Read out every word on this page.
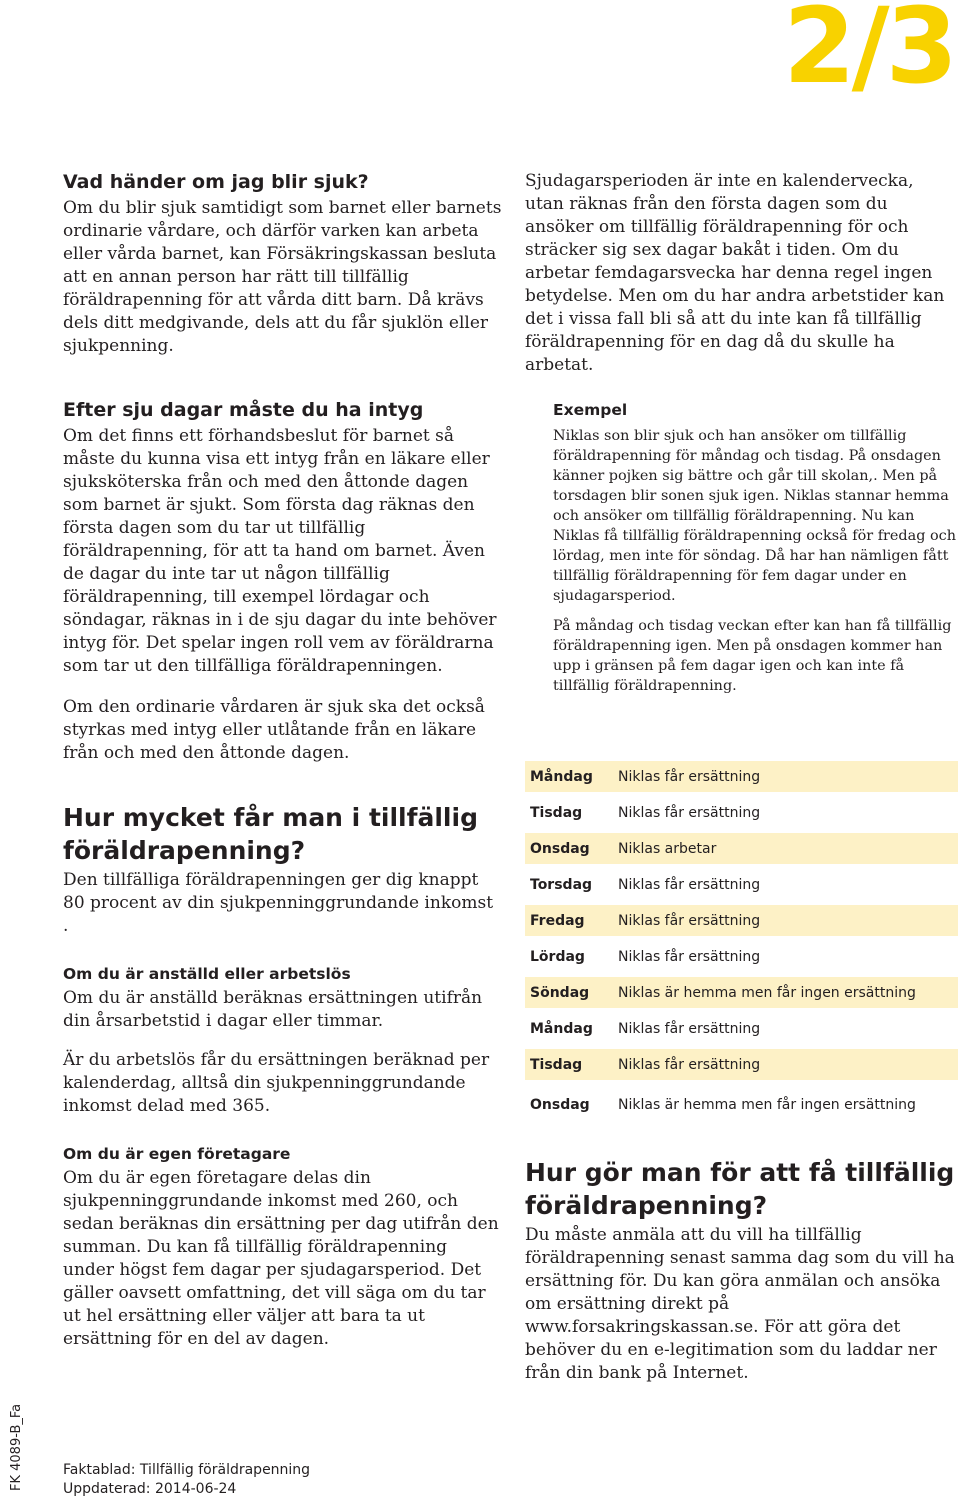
2/3
Vad händer om jag blir sjuk?

Om du blir sjuk samtidigt som barnet eller barnets ordinarie vårdare, och därför varken kan arbeta eller vårda barnet, kan Försäkringskassan besluta att en annan person har rätt till tillfällig föräldrapenning för att vårda ditt barn. Då krävs dels ditt medgivande, dels att du får sjuklön eller sjukpenning.

Efter sju dagar måste du ha intyg

Om det finns ett förhandsbeslut för barnet så måste du kunna visa ett intyg från en läkare eller sjuksköterska från och med den åttonde dagen som barnet är sjukt. Som första dag räknas den första dagen som du tar ut tillfällig föräldrapenning, för att ta hand om barnet. Även de dagar du inte tar ut någon tillfällig föräldrapenning, till exempel lördagar och söndagar, räknas in i de sju dagar du inte behöver intyg för. Det spelar ingen roll vem av föräldrarna som tar ut den tillfälliga föräldrapenningen.

Om den ordinarie vårdaren är sjuk ska det också styrkas med intyg eller utlåtande från en läkare från och med den åttonde dagen.

Hur mycket får man i tillfällig föräldrapenning?

Den tillfälliga föräldrapenningen ger dig knappt 80 procent av din sjukpenninggrundande inkomst .

Om du är anställd eller arbetslös

Om du är anställd beräknas ersättningen utifrån din årsarbetstid i dagar eller timmar.

Är du arbetslös får du ersättningen beräknad per kalenderdag, alltså din sjukpenninggrundande inkomst delad med 365.

Om du är egen företagare

Om du är egen företagare delas din sjukpenninggrundande inkomst med 260, och sedan beräknas din ersättning per dag utifrån den summan. Du kan få tillfällig föräldrapenning under högst fem dagar per sjudagarsperiod. Det gäller oavsett omfattning, det vill säga om du tar ut hel ersättning eller väljer att bara ta ut ersättning för en del av dagen.

Sjudagarsperioden är inte en kalendervecka, utan räknas från den första dagen som du ansöker om tillfällig föräldrapenning för och sträcker sig sex dagar bakåt i tiden. Om du arbetar femdagarsvecka har denna regel ingen betydelse. Men om du har andra arbetstider kan det i vissa fall bli så att du inte kan få tillfällig föräldrapenning för en dag då du skulle ha arbetat.

Exempel

Niklas son blir sjuk och han ansöker om tillfällig föräldrapenning för måndag och tisdag. På onsdagen känner pojken sig bättre och går till skolan,. Men på torsdagen blir sonen sjuk igen. Niklas stannar hemma och ansöker om tillfällig föräldrapenning. Nu kan Niklas få tillfällig föräldrapenning också för fredag och lördag, men inte för söndag. Då har han nämligen fått tillfällig föräldrapenning för fem dagar under en sjudagarsperiod.

På måndag och tisdag veckan efter kan han få tillfällig föräldrapenning igen. Men på onsdagen kommer han upp i gränsen på fem dagar igen och kan inte få tillfällig föräldrapenning.

Måndag	Niklas får ersättning
Tisdag	Niklas får ersättning
Onsdag	Niklas arbetar
Torsdag	Niklas får ersättning
Fredag	Niklas får ersättning
Lördag	Niklas får ersättning
Söndag	Niklas är hemma men får ingen ersättning
Måndag	Niklas får ersättning
Tisdag	Niklas får ersättning
Onsdag	Niklas är hemma men får ingen ersättning
Hur gör man för att få tillfällig föräldrapenning?

Du måste anmäla att du vill ha tillfällig föräldrapenning senast samma dag som du vill ha ersättning för. Du kan göra anmälan och ansöka om ersättning direkt på www.forsakringskassan.se. För att göra det behöver du en e-legitimation som du laddar ner från din bank på Internet.

Faktablad: Tillfällig föräldrapenning
Uppdaterad: 2014-06-24
FK 4089-B_Fa
